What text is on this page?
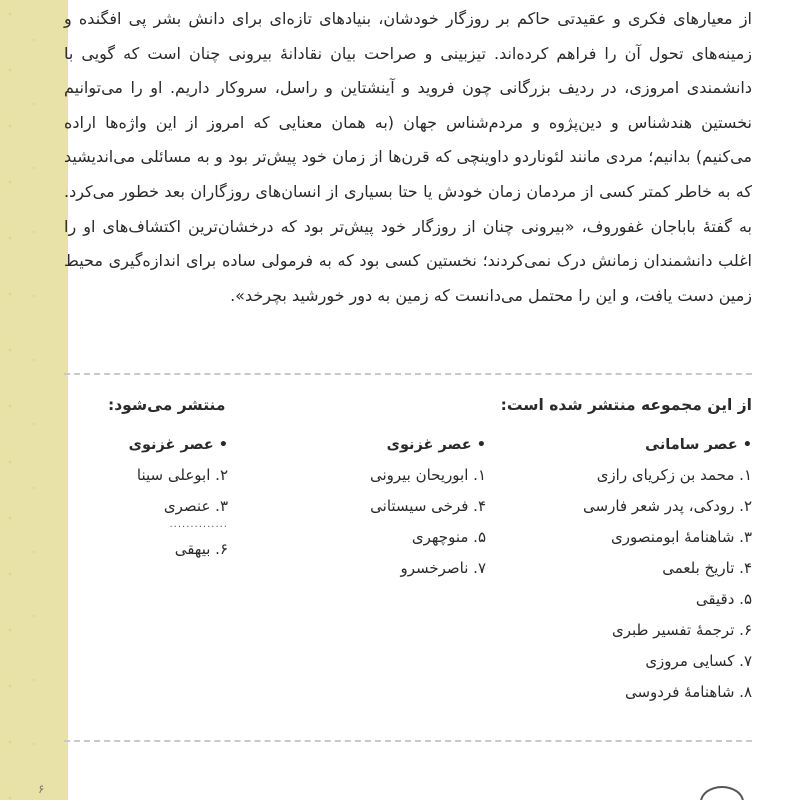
۶

از معیارهای فکری و عقیدتی حاکم بر روزگار خودشان، بنیادهای تازه‌ای برای دانش بشر پی افگنده و زمینه‌های تحول آن را فراهم کرده‌اند. تیزبینی و صراحت بیان نقادانهٔ بیرونی چنان است که گویی با دانشمندی امروزی، در ردیف بزرگانی چون فروید و آینشتاین و راسل، سروکار داریم. او را می‌توانیم نخستین هندشناس و دین‌پژوه و مردم‌شناس جهان (به همان معنایی که امروز از این واژه‌ها اراده می‌کنیم) بدانیم؛ مردی مانند لئوناردو داوینچی که قرن‌ها از زمان خود پیش‌تر بود و به مسائلی می‌اندیشید که به خاطر کمتر کسی از مردمان زمان خودش یا حتا بسیاری از انسان‌های روزگاران بعد خطور می‌کرد. به گفتهٔ باباجان غفوروف، «بیرونی چنان از روزگار خود پیش‌تر بود که درخشان‌ترین اکتشاف‌های او را اغلب دانشمندان زمانش درک نمی‌کردند؛ نخستین کسی بود که به فرمولی ساده برای اندازه‌گیری محیط زمین دست یافت، و این را محتمل می‌دانست که زمین به دور خورشید بچرخد».

از این مجموعه منتشر شده است:
منتشر می‌شود:
• عصر سامانی
۱. محمد بن زکریای رازی
۲. رودکی، پدر شعر فارسی
۳. شاهنامهٔ ابومنصوری
۴. تاریخ بلعمی
۵. دقیقی
۶. ترجمهٔ تفسیر طبری
۷. کسایی مروزی
۸. شاهنامهٔ فردوسی
• عصر غزنوی
۱. ابوریحان بیرونی
۴. فرخی سیستانی
۵. منوچهری
۷. ناصرخسرو
• عصر غزنوی
۲. ابوعلی سینا
۳. عنصری
..............
۶. بیهقی
